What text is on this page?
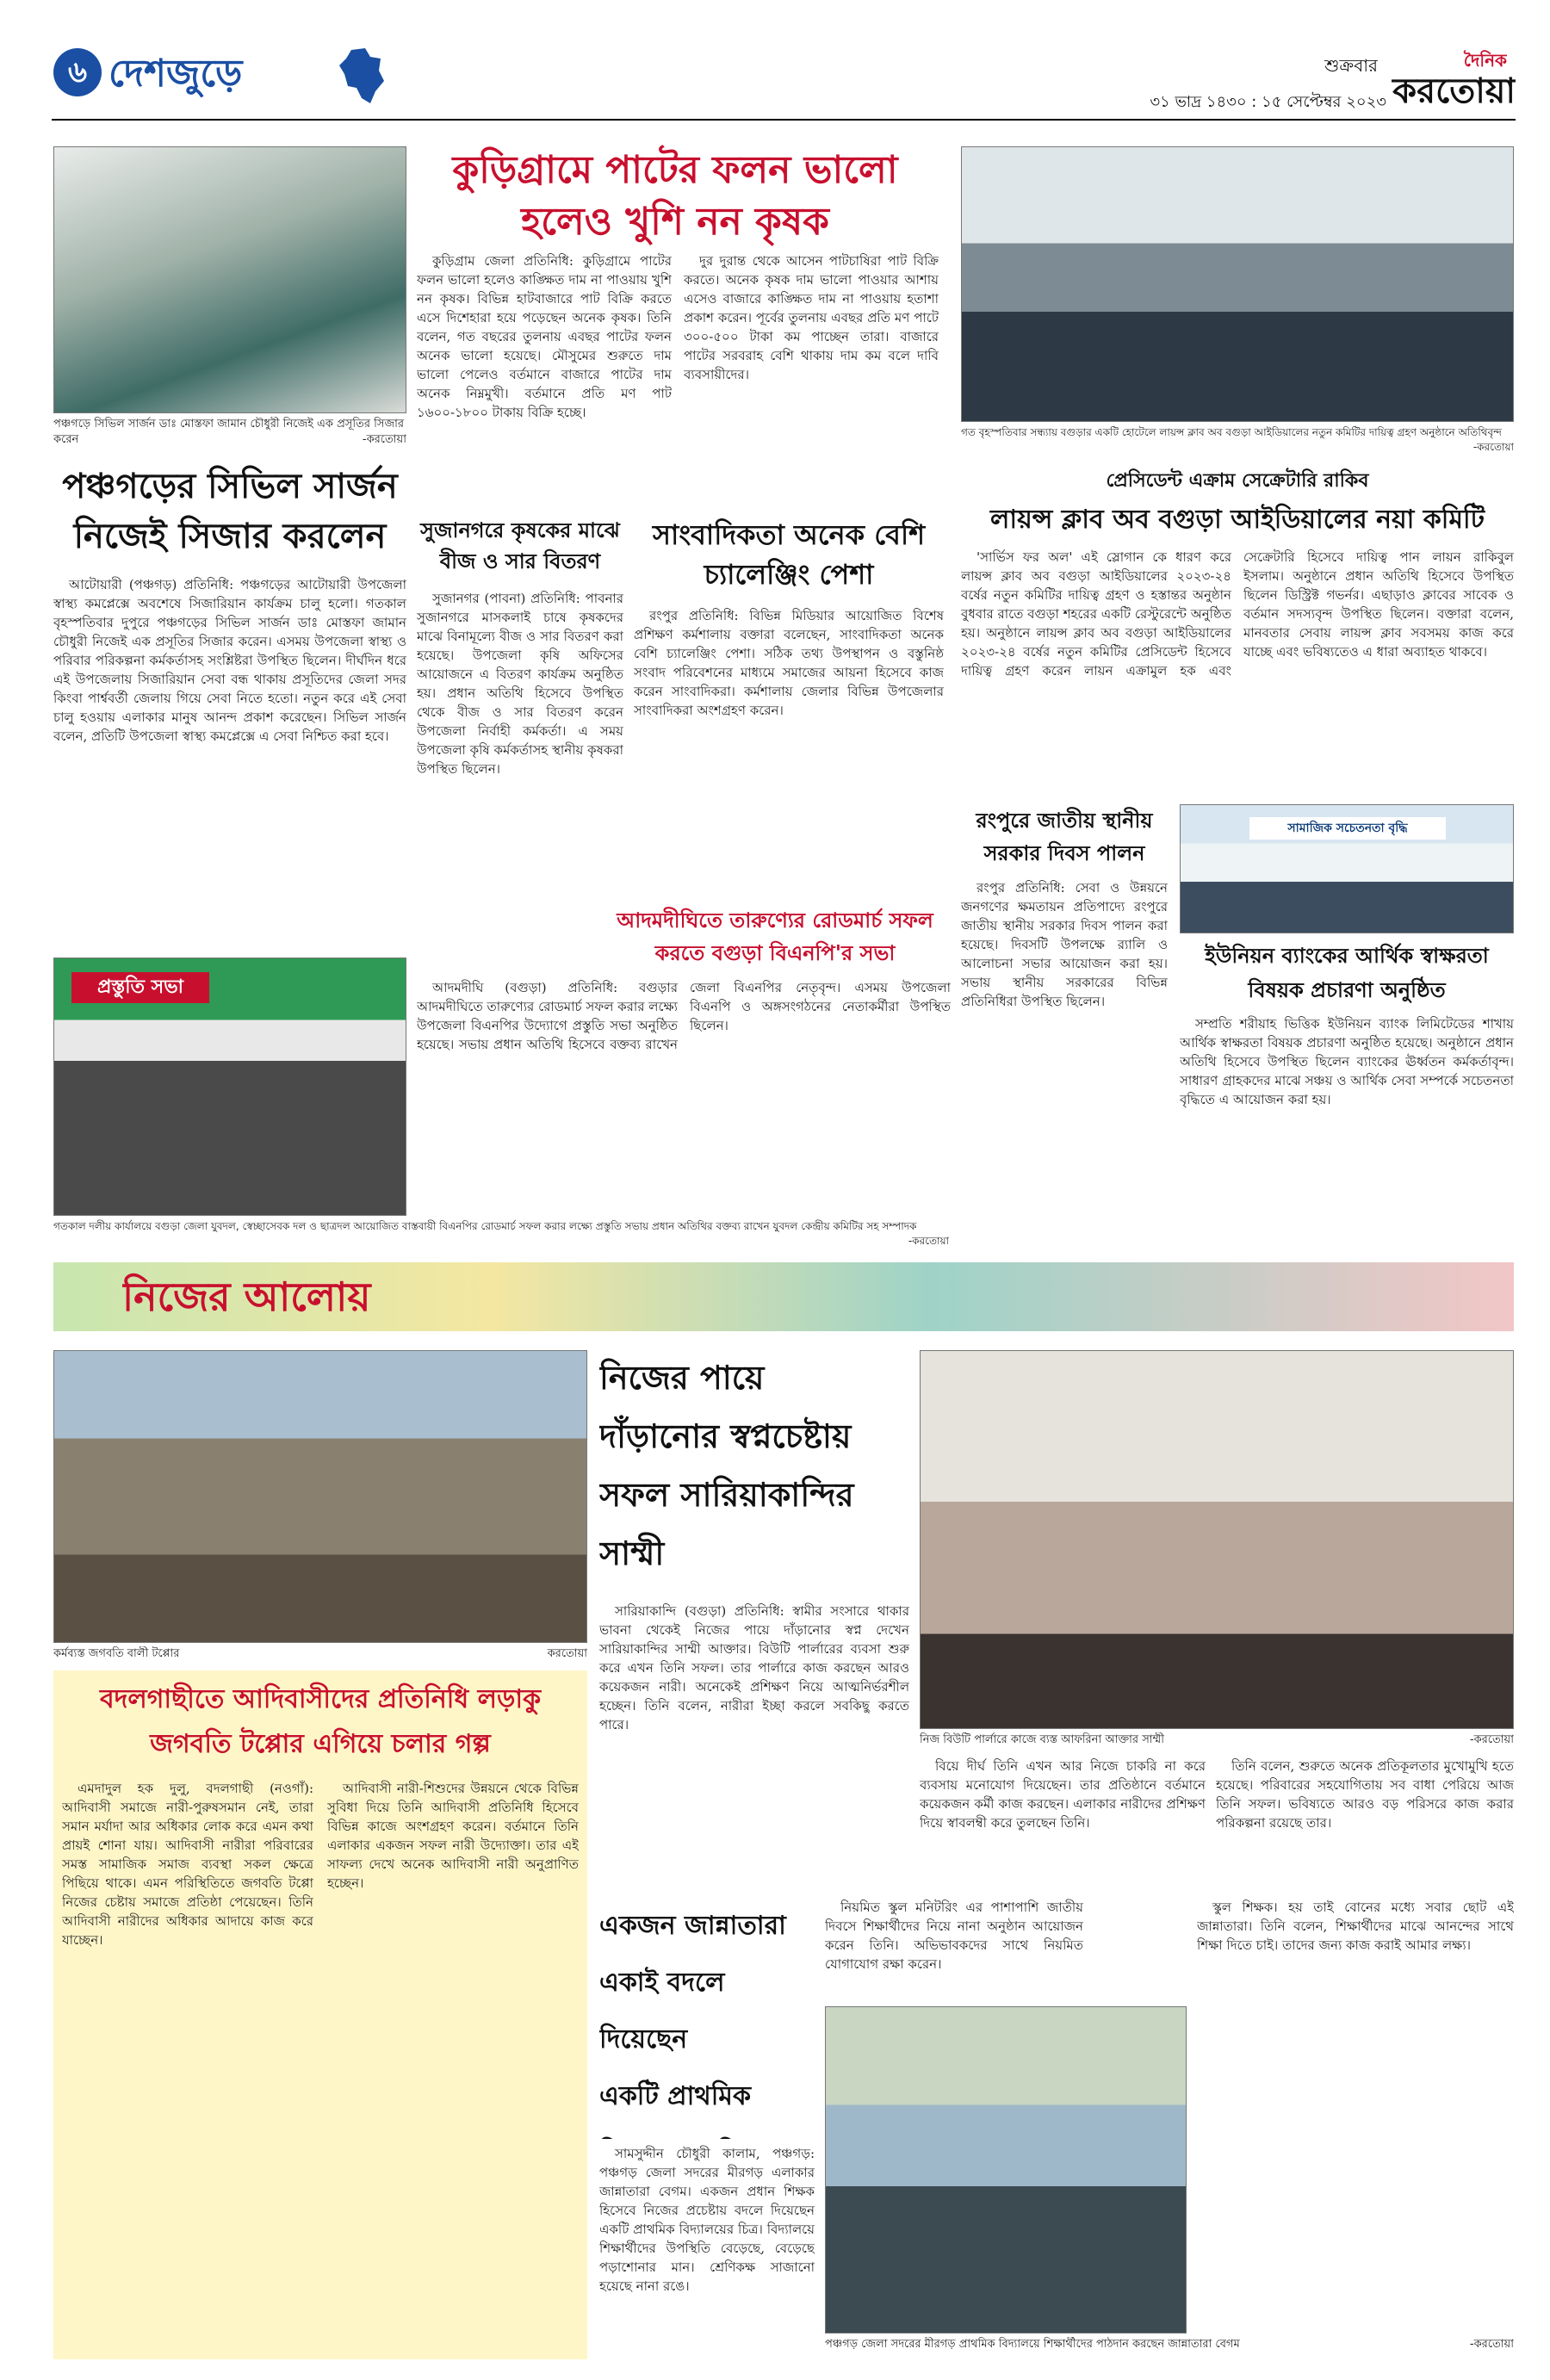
৬ দেশজুড়ে	শুক্রবার
৩১ ভাদ্র ১৪৩০ : ১৫ সেপ্টেম্বর ২০২৩
দৈনিক
করতোয়া
পঞ্চগড়ে সিভিল সার্জন ডাঃ মোস্তফা জামান চৌধুরী নিজেই এক প্রসূতির সিজার করেন	-করতোয়া
পঞ্চগড়ের সিভিল সার্জন
নিজেই সিজার করলেন

আটোয়ারী (পঞ্চগড়) প্রতিনিধি: পঞ্চগড়ের আটোয়ারী উপজেলা স্বাস্থ্য কমপ্লেক্সে অবশেষে সিজারিয়ান কার্যক্রম চালু হলো। গতকাল বৃহস্পতিবার দুপুরে পঞ্চগড়ের সিভিল সার্জন ডাঃ মোস্তফা জামান চৌধুরী নিজেই এক প্রসূতির সিজার করেন। এসময় উপজেলা স্বাস্থ্য ও পরিবার পরিকল্পনা কর্মকর্তাসহ সংশ্লিষ্টরা উপস্থিত ছিলেন। দীর্ঘদিন ধরে এই উপজেলায় সিজারিয়ান সেবা বন্ধ থাকায় প্রসূতিদের জেলা সদর কিংবা পার্শ্ববর্তী জেলায় গিয়ে সেবা নিতে হতো। নতুন করে এই সেবা চালু হওয়ায় এলাকার মানুষ আনন্দ প্রকাশ করেছেন। সিভিল সার্জন বলেন, প্রতিটি উপজেলা স্বাস্থ্য কমপ্লেক্সে এ সেবা নিশ্চিত করা হবে।

প্রস্তুতি সভা
গতকাল দলীয় কার্যালয়ে বগুড়া জেলা যুবদল, স্বেচ্ছাসেবক দল ও ছাত্রদল আয়োজিত বাস্তবায়ী বিএনপির রোডমার্চ সফল করার লক্ষ্যে প্রস্তুতি সভায় প্রধান অতিথির বক্তব্য রাখেন যুবদল কেন্দ্রীয় কমিটির সহ সম্পাদক
-করতোয়া
কুড়িগ্রামে পাটের ফলন ভালো
হলেও খুশি নন কৃষক

কুড়িগ্রাম জেলা প্রতিনিধি: কুড়িগ্রামে পাটের ফলন ভালো হলেও কাঙ্ক্ষিত দাম না পাওয়ায় খুশি নন কৃষক। বিভিন্ন হাটবাজারে পাট বিক্রি করতে এসে দিশেহারা হয়ে পড়েছেন অনেক কৃষক। তিনি বলেন, গত বছরের তুলনায় এবছর পাটের ফলন অনেক ভালো হয়েছে। মৌসুমের শুরুতে দাম ভালো পেলেও বর্তমানে বাজারে পাটের দাম অনেক নিম্নমুখী। বর্তমানে প্রতি মণ পাট ১৬০০-১৮০০ টাকায় বিক্রি হচ্ছে।

দুর দুরান্ত থেকে আসেন পাটচাষিরা পাট বিক্রি করতে। অনেক কৃষক দাম ভালো পাওয়ার আশায় এসেও বাজারে কাঙ্ক্ষিত দাম না পাওয়ায় হতাশা প্রকাশ করেন। পূর্বের তুলনায় এবছর প্রতি মণ পাটে ৩০০-৫০০ টাকা কম পাচ্ছেন তারা। বাজারে পাটের সরবরাহ বেশি থাকায় দাম কম বলে দাবি ব্যবসায়ীদের।

সুজানগরে কৃষকের মাঝে
বীজ ও সার বিতরণ

সুজানগর (পাবনা) প্রতিনিধি: পাবনার সুজানগরে মাসকলাই চাষে কৃষকদের মাঝে বিনামূল্যে বীজ ও সার বিতরণ করা হয়েছে। উপজেলা কৃষি অফিসের আয়োজনে এ বিতরণ কার্যক্রম অনুষ্ঠিত হয়। প্রধান অতিথি হিসেবে উপস্থিত থেকে বীজ ও সার বিতরণ করেন উপজেলা নির্বাহী কর্মকর্তা। এ সময় উপজেলা কৃষি কর্মকর্তাসহ স্থানীয় কৃষকরা উপস্থিত ছিলেন।

সাংবাদিকতা অনেক বেশি
চ্যালেঞ্জিং পেশা

রংপুর প্রতিনিধি: বিভিন্ন মিডিয়ার আয়োজিত বিশেষ প্রশিক্ষণ কর্মশালায় বক্তারা বলেছেন, সাংবাদিকতা অনেক বেশি চ্যালেঞ্জিং পেশা। সঠিক তথ্য উপস্থাপন ও বস্তুনিষ্ঠ সংবাদ পরিবেশনের মাধ্যমে সমাজের আয়না হিসেবে কাজ করেন সাংবাদিকরা। কর্মশালায় জেলার বিভিন্ন উপজেলার সাংবাদিকরা অংশগ্রহণ করেন।

আদমদীঘিতে তারুণ্যের রোডমার্চ সফল
করতে বগুড়া বিএনপি'র সভা

আদমদীঘি (বগুড়া) প্রতিনিধি: বগুড়ার আদমদীঘিতে তারুণ্যের রোডমার্চ সফল করার লক্ষ্যে উপজেলা বিএনপির উদ্যোগে প্রস্তুতি সভা অনুষ্ঠিত হয়েছে। সভায় প্রধান অতিথি হিসেবে বক্তব্য রাখেন জেলা বিএনপির নেতৃবৃন্দ। এসময় উপজেলা বিএনপি ও অঙ্গসংগঠনের নেতাকর্মীরা উপস্থিত ছিলেন।

গত বৃহস্পতিবার সন্ধ্যায় বগুড়ার একটি হোটেলে লায়ন্স ক্লাব অব বগুড়া আইডিয়ালের নতুন কমিটির দায়িত্ব গ্রহণ অনুষ্ঠানে অতিথিবৃন্দ
-করতোয়া
প্রেসিডেন্ট এক্রাম সেক্রেটারি রাকিব
লায়ন্স ক্লাব অব বগুড়া আইডিয়ালের নয়া কমিটি

'সার্ভিস ফর অল' এই স্লোগান কে ধারণ করে লায়ন্স ক্লাব অব বগুড়া আইডিয়ালের ২০২৩-২৪ বর্ষের নতুন কমিটির দায়িত্ব গ্রহণ ও হস্তান্তর অনুষ্ঠান বুধবার রাতে বগুড়া শহরের একটি রেস্টুরেন্টে অনুষ্ঠিত হয়। অনুষ্ঠানে লায়ন্স ক্লাব অব বগুড়া আইডিয়ালের ২০২৩-২৪ বর্ষের নতুন কমিটির প্রেসিডেন্ট হিসেবে দায়িত্ব গ্রহণ করেন লায়ন এক্রামুল হক এবং সেক্রেটারি হিসেবে দায়িত্ব পান লায়ন রাকিবুল ইসলাম। অনুষ্ঠানে প্রধান অতিথি হিসেবে উপস্থিত ছিলেন ডিস্ট্রিক্ট গভর্নর। এছাড়াও ক্লাবের সাবেক ও বর্তমান সদস্যবৃন্দ উপস্থিত ছিলেন। বক্তারা বলেন, মানবতার সেবায় লায়ন্স ক্লাব সবসময় কাজ করে যাচ্ছে এবং ভবিষ্যতেও এ ধারা অব্যাহত থাকবে।

রংপুরে জাতীয় স্থানীয়
সরকার দিবস পালন

রংপুর প্রতিনিধি: সেবা ও উন্নয়নে জনগণের ক্ষমতায়ন প্রতিপাদ্যে রংপুরে জাতীয় স্থানীয় সরকার দিবস পালন করা হয়েছে। দিবসটি উপলক্ষে র‌্যালি ও আলোচনা সভার আয়োজন করা হয়। সভায় স্থানীয় সরকারের বিভিন্ন প্রতিনিধিরা উপস্থিত ছিলেন।

সামাজিক সচেতনতা বৃদ্ধি
ইউনিয়ন ব্যাংকের আর্থিক স্বাক্ষরতা
বিষয়ক প্রচারণা অনুষ্ঠিত

সম্প্রতি শরীয়াহ ভিত্তিক ইউনিয়ন ব্যাংক লিমিটেডের শাখায় আর্থিক স্বাক্ষরতা বিষয়ক প্রচারণা অনুষ্ঠিত হয়েছে। অনুষ্ঠানে প্রধান অতিথি হিসেবে উপস্থিত ছিলেন ব্যাংকের ঊর্ধ্বতন কর্মকর্তাবৃন্দ। সাধারণ গ্রাহকদের মাঝে সঞ্চয় ও আর্থিক সেবা সম্পর্কে সচেতনতা বৃদ্ধিতে এ আয়োজন করা হয়।

নিজের আলোয়
কর্মব্যস্ত জগবতি বালী টপ্পোর	করতোয়া
বদলগাছীতে আদিবাসীদের প্রতিনিধি লড়াকু
জগবতি টপ্পোর এগিয়ে চলার গল্প

এমদাদুল হক দুলু, বদলগাছী (নওগাঁ): আদিবাসী সমাজে নারী-পুরুষসমান নেই, তারা সমান মর্যাদা আর অধিকার লোক করে এমন কথা প্রায়ই শোনা যায়। আদিবাসী নারীরা পরিবারের সমস্ত সামাজিক সমাজ ব্যবস্থা সকল ক্ষেত্রে পিছিয়ে থাকে। এমন পরিস্থিতিতে জগবতি টপ্পো নিজের চেষ্টায় সমাজে প্রতিষ্ঠা পেয়েছেন। তিনি আদিবাসী নারীদের অধিকার আদায়ে কাজ করে যাচ্ছেন।

আদিবাসী নারী-শিশুদের উন্নয়নে থেকে বিভিন্ন সুবিধা দিয়ে তিনি আদিবাসী প্রতিনিধি হিসেবে বিভিন্ন কাজে অংশগ্রহণ করেন। বর্তমানে তিনি এলাকার একজন সফল নারী উদ্যোক্তা। তার এই সাফল্য দেখে অনেক আদিবাসী নারী অনুপ্রাণিত হচ্ছেন।

নিজের পায়ে
দাঁড়ানোর স্বপ্নচেষ্টায়
সফল সারিয়াকান্দির
সাম্মী

সারিয়াকান্দি (বগুড়া) প্রতিনিধি: স্বামীর সংসারে থাকার ভাবনা থেকেই নিজের পায়ে দাঁড়ানোর স্বপ্ন দেখেন সারিয়াকান্দির সাম্মী আক্তার। বিউটি পার্লারের ব্যবসা শুরু করে এখন তিনি সফল। তার পার্লারে কাজ করছেন আরও কয়েকজন নারী। অনেকেই প্রশিক্ষণ নিয়ে আত্মনির্ভরশীল হচ্ছেন। তিনি বলেন, নারীরা ইচ্ছা করলে সবকিছু করতে পারে।

নিজ বিউটি পার্লারে কাজে ব্যস্ত আফরিনা আক্তার সাম্মী	-করতোয়া

বিয়ে দীর্ঘ তিনি এখন আর নিজে চাকরি না করে ব্যবসায় মনোযোগ দিয়েছেন। তার প্রতিষ্ঠানে বর্তমানে কয়েকজন কর্মী কাজ করছেন। এলাকার নারীদের প্রশিক্ষণ দিয়ে স্বাবলম্বী করে তুলছেন তিনি।

তিনি বলেন, শুরুতে অনেক প্রতিকূলতার মুখোমুখি হতে হয়েছে। পরিবারের সহযোগিতায় সব বাধা পেরিয়ে আজ তিনি সফল। ভবিষ্যতে আরও বড় পরিসরে কাজ করার পরিকল্পনা রয়েছে তার।

একজন জান্নাতারা
একাই বদলে দিয়েছেন
একটি প্রাথমিক

সামসুদ্দীন চৌধুরী কালাম, পঞ্চগড়: পঞ্চগড় জেলা সদরের মীরগড় এলাকার জান্নাতারা বেগম। একজন প্রধান শিক্ষক হিসেবে নিজের প্রচেষ্টায় বদলে দিয়েছেন একটি প্রাথমিক বিদ্যালয়ের চিত্র। বিদ্যালয়ে শিক্ষার্থীদের উপস্থিতি বেড়েছে, বেড়েছে পড়াশোনার মান। শ্রেণিকক্ষ সাজানো হয়েছে নানা রঙে।

নিয়মিত স্কুল মনিটরিং এর পাশাপাশি জাতীয় দিবসে শিক্ষার্থীদের নিয়ে নানা অনুষ্ঠান আয়োজন করেন তিনি। অভিভাবকদের সাথে নিয়মিত যোগাযোগ রক্ষা করেন।

পঞ্চগড় জেলা সদরের মীরগড় প্রাথমিক বিদ্যালয়ে শিক্ষার্থীদের পাঠদান করছেন জান্নাতারা বেগম	-করতোয়া

স্কুল শিক্ষক। হয় তাই বোনের মধ্যে সবার ছোট এই জান্নাতারা। তিনি বলেন, শিক্ষার্থীদের মাঝে আনন্দের সাথে শিক্ষা দিতে চাই। তাদের জন্য কাজ করাই আমার লক্ষ্য।
